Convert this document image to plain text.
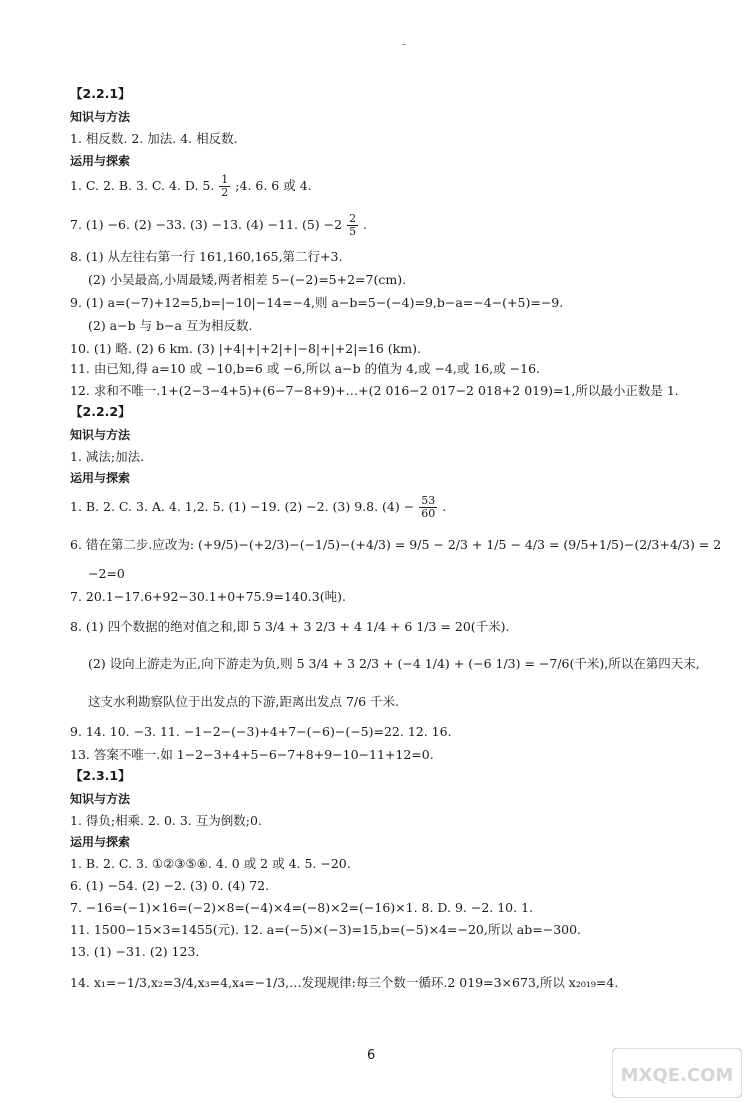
【2.2.1】
知识与方法
1. 相反数. 2. 加法. 4. 相反数.
运用与探索
1. C. 2. B. 3. C. 4. D. 5. $\frac{1}{2}$ ;4. 6. 6 或 4.
7. (1) −6. (2) −33. (3) −13. (4) −11. $(5) -2 \frac{2}{5}$ .
8. (1) 从左往右第一行 161,160,165,第二行+3.
(2) 小吴最高,小周最矮,两者相差 5−(−2)=5+2=7(cm).
9. (1) a=(−7)+12=5,b=|−10|−14=−4,则 a−b=5−(−4)=9,b−a=−4−(+5)=−9.
(2) a−b 与 b−a 互为相反数.
10. (1) 略. (2) 6 km. (3) |+4|+|+2|+|−8|+|+2|=16 (km).
11. 由已知,得 a=10 或 −10,b=6 或 −6,所以 a−b 的值为 4,或 −4,或 16,或 −16.
12. 求和不唯一.1+(2−3−4+5)+(6−7−8+9)+…+(2 016−2 017−2 018+2 019)=1,所以最小正数是 1.
【2.2.2】
知识与方法
1. 减法;加法.
运用与探索
1. B. 2. C. 3. A. 4. 1,2. 5. (1) −19. (2) −2. (3) 9.8. $(4) - \frac{53}{60}$ .
6. 错在第二步.应改为: (+9/5)−(+2/3)−(−1/5)−(+4/3) = 9/5 − 2/3 + 1/5 − 4/3 = (9/5+1/5)−(2/3+4/3) = 2
−2=0
7. 20.1−17.6+92−30.1+0+75.9=140.3(吨).
8. (1) 四个数据的绝对值之和,即 5 3/4 + 3 2/3 + 4 1/4 + 6 1/3 = 20(千米).
(2) 设向上游走为正,向下游走为负,则 5 3/4 + 3 2/3 + (−4 1/4) + (−6 1/3) = −7/6(千米),所以在第四天末,
这支水利勘察队位于出发点的下游,距离出发点 7/6 千米.
9. 14. 10. −3. 11. −1−2−(−3)+4+7−(−6)−(−5)=22. 12. 16.
13. 答案不唯一.如 1−2−3+4+5−6−7+8+9−10−11+12=0.
【2.3.1】
知识与方法
1. 得负;相乘. 2. 0. 3. 互为倒数;0.
运用与探索
1. B. 2. C. 3. ①②③⑤⑥. 4. 0 或 2 或 4. 5. −20.
6. (1) −54. (2) −2. (3) 0. (4) 72.
7. −16=(−1)×16=(−2)×8=(−4)×4=(−8)×2=(−16)×1. 8. D. 9. −2. 10. 1.
11. 1500−15×3=1455(元). 12. a=(−5)×(−3)=15,b=(−5)×4=−20,所以 ab=−300.
13. (1) −31. (2) 123.
14. x₁=−1/3,x₂=3/4,x₃=4,x₄=−1/3,…发现规律:每三个数一循环.2 019=3×673,所以 x₂₀₁₉=4.
6
MXQE.COM
